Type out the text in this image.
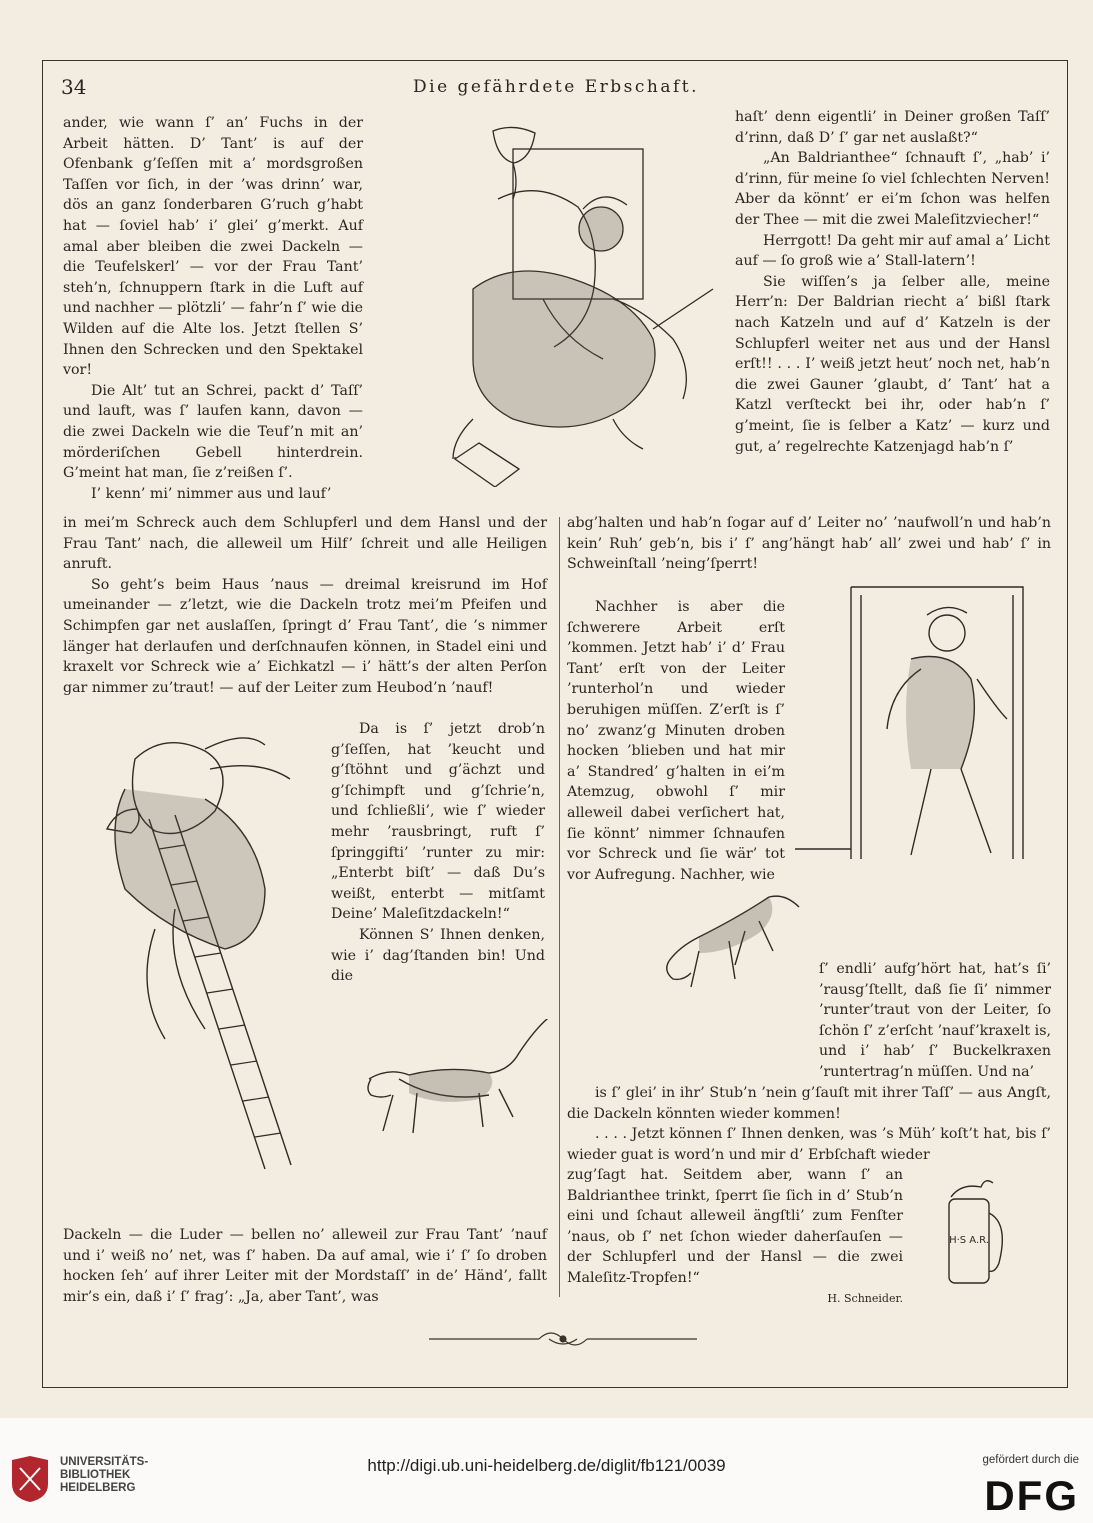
34	Die gefährdete Erbschaft.

ander, wie wann ſ’ an’ Fuchs in der Arbeit hätten. D’ Tant’ is auf der Ofenbank g’ſeſſen mit a’ mordsgroßen Taſſen vor ſich, in der ’was drinn’ war, dös an ganz ſonderbaren G’ruch g’habt hat — ſoviel hab’ i’ glei’ g’merkt. Auf amal aber bleiben die zwei Dackeln — die Teufelskerl’ — vor der Frau Tant’ steh’n, ſchnuppern ſtark in die Luft auf und nachher — plötzli’ — fahr’n ſ’ wie die Wilden auf die Alte los. Jetzt ſtellen S’ Ihnen den Schrecken und den Spektakel vor!

Die Alt’ tut an Schrei, packt d’ Taſſ’ und lauft, was ſ’ laufen kann, davon — die zwei Dackeln wie die Teuf’n mit an’ mörderiſchen Gebell hinterdrein. G’meint hat man, ſie z’reißen ſ’.

I’ kenn’ mi’ nimmer aus und lauf’

haſt’ denn eigentli’ in Deiner großen Taſſ’ d’rinn, daß D’ ſ’ gar net auslaßt?“

„An Baldrianthee“ ſchnauft ſ’, „hab’ i’ d’rinn, für meine ſo viel ſchlechten Nerven! Aber da könnt’ er ei’m ſchon was helfen der Thee — mit die zwei Maleſitzviecher!“

Herrgott! Da geht mir auf amal a’ Licht auf — ſo groß wie a’ Stall-latern’!

Sie wiſſen’s ja ſelber alle, meine Herr’n: Der Baldrian riecht a’ bißl ſtark nach Katzeln und auf d’ Katzeln is der Schlupferl weiter net aus und der Hansl erſt!! . . . I’ weiß jetzt heut’ noch net, hab’n die zwei Gauner ’glaubt, d’ Tant’ hat a Katzl verſteckt bei ihr, oder hab’n ſ’ g’meint, ſie is ſelber a Katz’ — kurz und gut, a’ regelrechte Katzenjagd hab’n ſ’

in mei’m Schreck auch dem Schlupferl und dem Hansl und der Frau Tant’ nach, die alleweil um Hilf’ ſchreit und alle Heiligen anruft.

So geht’s beim Haus ’naus — dreimal kreisrund im Hof umeinander — z’letzt, wie die Dackeln trotz mei’m Pfeifen und Schimpfen gar net auslaſſen, ſpringt d’ Frau Tant’, die ’s nimmer länger hat derlaufen und derſchnaufen können, in Stadel eini und kraxelt vor Schreck wie a’ Eichkatzl — i’ hätt’s der alten Perſon gar nimmer zu’traut! — auf der Leiter zum Heubod’n ’nauf!

abg’halten und hab’n ſogar auf d’ Leiter no’ ’naufwoll’n und hab’n kein’ Ruh’ geb’n, bis i’ ſ’ ang’hängt hab’ all’ zwei und hab’ ſ’ in Schweinſtall ’neing’ſperrt!

Da is ſ’ jetzt drob’n g’ſeſſen, hat ’keucht und g’ſtöhnt und g’ächzt und g’ſchimpft und g’ſchrie’n, und ſchließli’, wie ſ’ wieder mehr ’rausbringt, ruft ſ’ ſpringgifti’ ’runter zu mir: „Enterbt biſt’ — daß Du’s weißt, enterbt — mitſamt Deine’ Maleſitzdackeln!“

Können S’ Ihnen denken, wie i’ dag’ſtanden bin! Und die

Nachher is aber die ſchwerere Arbeit erſt ’kommen. Jetzt hab’ i’ d’ Frau Tant’ erſt von der Leiter ’runterhol’n und wieder beruhigen müſſen. Z’erſt is ſ’ no’ zwanz’g Minuten droben hocken ’blieben und hat mir a’ Standred’ g’halten in ei’m Atemzug, obwohl ſ’ mir alleweil dabei verſichert hat, ſie könnt’ nimmer ſchnaufen vor Schreck und ſie wär’ tot vor Aufregung. Nachher, wie

ſ’ endli’ aufg’hört hat, hat’s ſi’ ’rausg’ſtellt, daß ſie ſi’ nimmer ’runter’traut von der Leiter, ſo ſchön ſ’ z’erſcht ’nauf’kraxelt is, und i’ hab’ ſ’ Buckelkraxen ’runtertrag’n müſſen. Und na’

is ſ’ glei’ in ihr’ Stub’n ’nein g’ſauſt mit ihrer Taſſ’ — aus Angſt, die Dackeln könnten wieder kommen!

. . . . Jetzt können ſ’ Ihnen denken, was ’s Müh’ koſt’t hat, bis ſ’ wieder guat is word’n und mir d’ Erbſchaft wieder

zug’ſagt hat. Seitdem aber, wann ſ’ an Baldrianthee trinkt, ſperrt ſie ſich in d’ Stub’n eini und ſchaut alleweil ängſtli’ zum Fenſter ’naus, ob ſ’ net ſchon wieder daherſauſen — der Schlupferl und der Hansl — die zwei Maleſitz-Tropfen!“

H. Schneider.

H·S A.R.

Dackeln — die Luder — bellen no’ alleweil zur Frau Tant’ ’nauf und i’ weiß no’ net, was ſ’ haben. Da auf amal, wie i’ ſ’ ſo droben hocken ſeh’ auf ihrer Leiter mit der Mordstaſſ’ in de’ Händ’, fallt mir’s ein, daß i’ ſ’ frag’: „Ja, aber Tant’, was

UNIVERSITÄTS-
BIBLIOTHEK
HEIDELBERG
http://digi.ub.uni-heidelberg.de/diglit/fb121/0039	gefördert durch die
DFG
